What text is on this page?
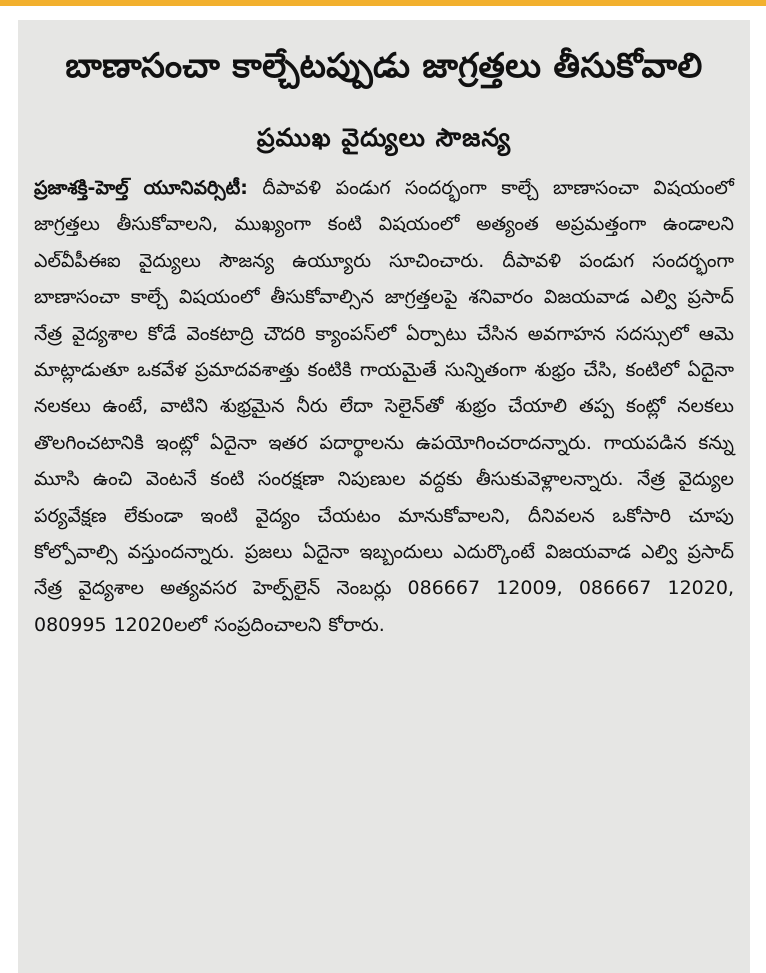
బాణాసంచా కాల్చేటప్పుడు జాగ్రత్తలు తీసుకోవాలి
ప్రముఖ వైద్యులు సౌజన్య

ప్రజాశక్తి-హెల్త్ యూనివర్సిటీ: దీపావళి పండుగ సందర్భంగా కాల్చే బాణాసంచా విషయంలో జాగ్రత్తలు తీసుకోవాలని, ముఖ్యంగా కంటి విషయంలో అత్యంత అప్రమత్తంగా ఉండాలని ఎల్‌వీపీఈఐ వైద్యులు సౌజన్య ఉయ్యూరు సూచించారు. దీపావళి పండుగ సందర్భంగా బాణాసంచా కాల్చే విషయంలో తీసుకోవాల్సిన జాగ్రత్తలపై శనివారం విజయవాడ ఎల్వి ప్రసాద్ నేత్ర వైద్యశాల కోడే వెంకటాద్రి చౌదరి క్యాంపస్‌లో ఏర్పాటు చేసిన అవగాహన సదస్సులో ఆమె మాట్లాడుతూ ఒకవేళ ప్రమాదవశాత్తు కంటికి గాయమైతే సున్నితంగా శుభ్రం చేసి, కంటిలో ఏదైనా నలకలు ఉంటే, వాటిని శుభ్రమైన నీరు లేదా సెలైన్‌తో శుభ్రం చేయాలి తప్ప కంట్లో నలకలు తొలగించటానికి ఇంట్లో ఏదైనా ఇతర పదార్థాలను ఉపయోగించరాదన్నారు. గాయపడిన కన్ను మూసి ఉంచి వెంటనే కంటి సంరక్షణా నిపుణుల వద్దకు తీసుకువెళ్లాలన్నారు. నేత్ర వైద్యుల పర్యవేక్షణ లేకుండా ఇంటి వైద్యం చేయటం మానుకోవాలని, దీనివలన ఒకోసారి చూపు కోల్పోవాల్సి వస్తుందన్నారు. ప్రజలు ఏదైనా ఇబ్బందులు ఎదుర్కొంటే విజయవాడ ఎల్వి ప్రసాద్ నేత్ర వైద్యశాల అత్యవసర హెల్ప్‌లైన్ నెంబర్లు 086667 12009, 086667 12020, 080995 12020లలో సంప్రదించాలని కోరారు.
